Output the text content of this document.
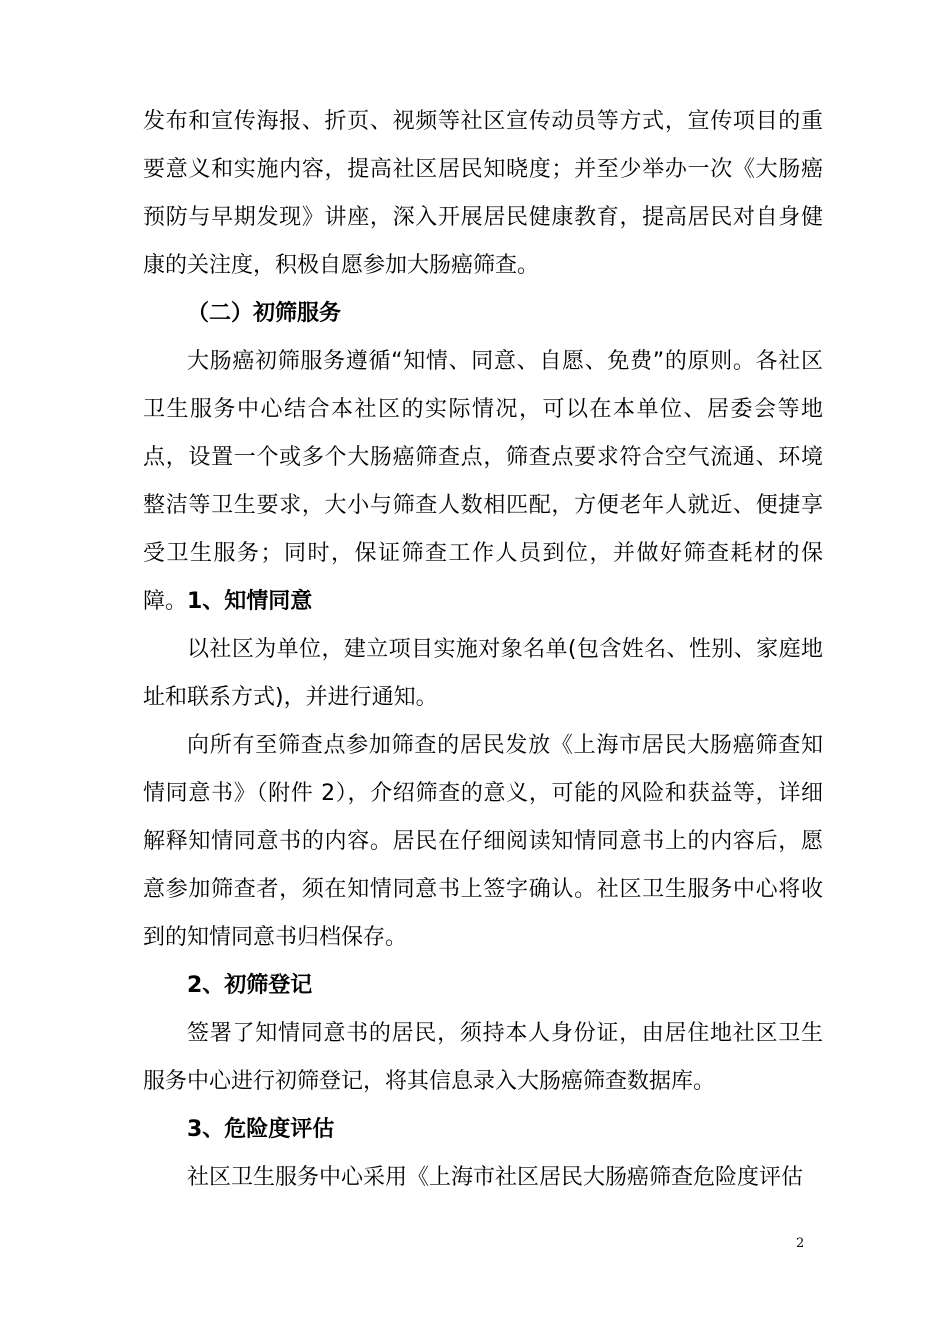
发布和宣传海报、折页、视频等社区宣传动员等方式，宣传项目的重要意义和实施内容，提高社区居民知晓度；并至少举办一次《大肠癌预防与早期发现》讲座，深入开展居民健康教育，提高居民对自身健康的关注度，积极自愿参加大肠癌筛查。

（二）初筛服务

大肠癌初筛服务遵循“知情、同意、自愿、免费”的原则。各社区卫生服务中心结合本社区的实际情况，可以在本单位、居委会等地点，设置一个或多个大肠癌筛查点，筛查点要求符合空气流通、环境整洁等卫生要求，大小与筛查人数相匹配，方便老年人就近、便捷享受卫生服务；同时，保证筛查工作人员到位，并做好筛查耗材的保障。 1、知情同意

以社区为单位，建立项目实施对象名单(包含姓名、性别、家庭地址和联系方式)，并进行通知。

向所有至筛查点参加筛查的居民发放《上海市居民大肠癌筛查知情同意书》（附件 2），介绍筛查的意义，可能的风险和获益等，详细解释知情同意书的内容。居民在仔细阅读知情同意书上的内容后，愿意参加筛查者，须在知情同意书上签字确认。社区卫生服务中心将收到的知情同意书归档保存。

2、初筛登记

签署了知情同意书的居民，须持本人身份证，由居住地社区卫生服务中心进行初筛登记，将其信息录入大肠癌筛查数据库。

3、危险度评估

社区卫生服务中心采用《上海市社区居民大肠癌筛查危险度评估

2
